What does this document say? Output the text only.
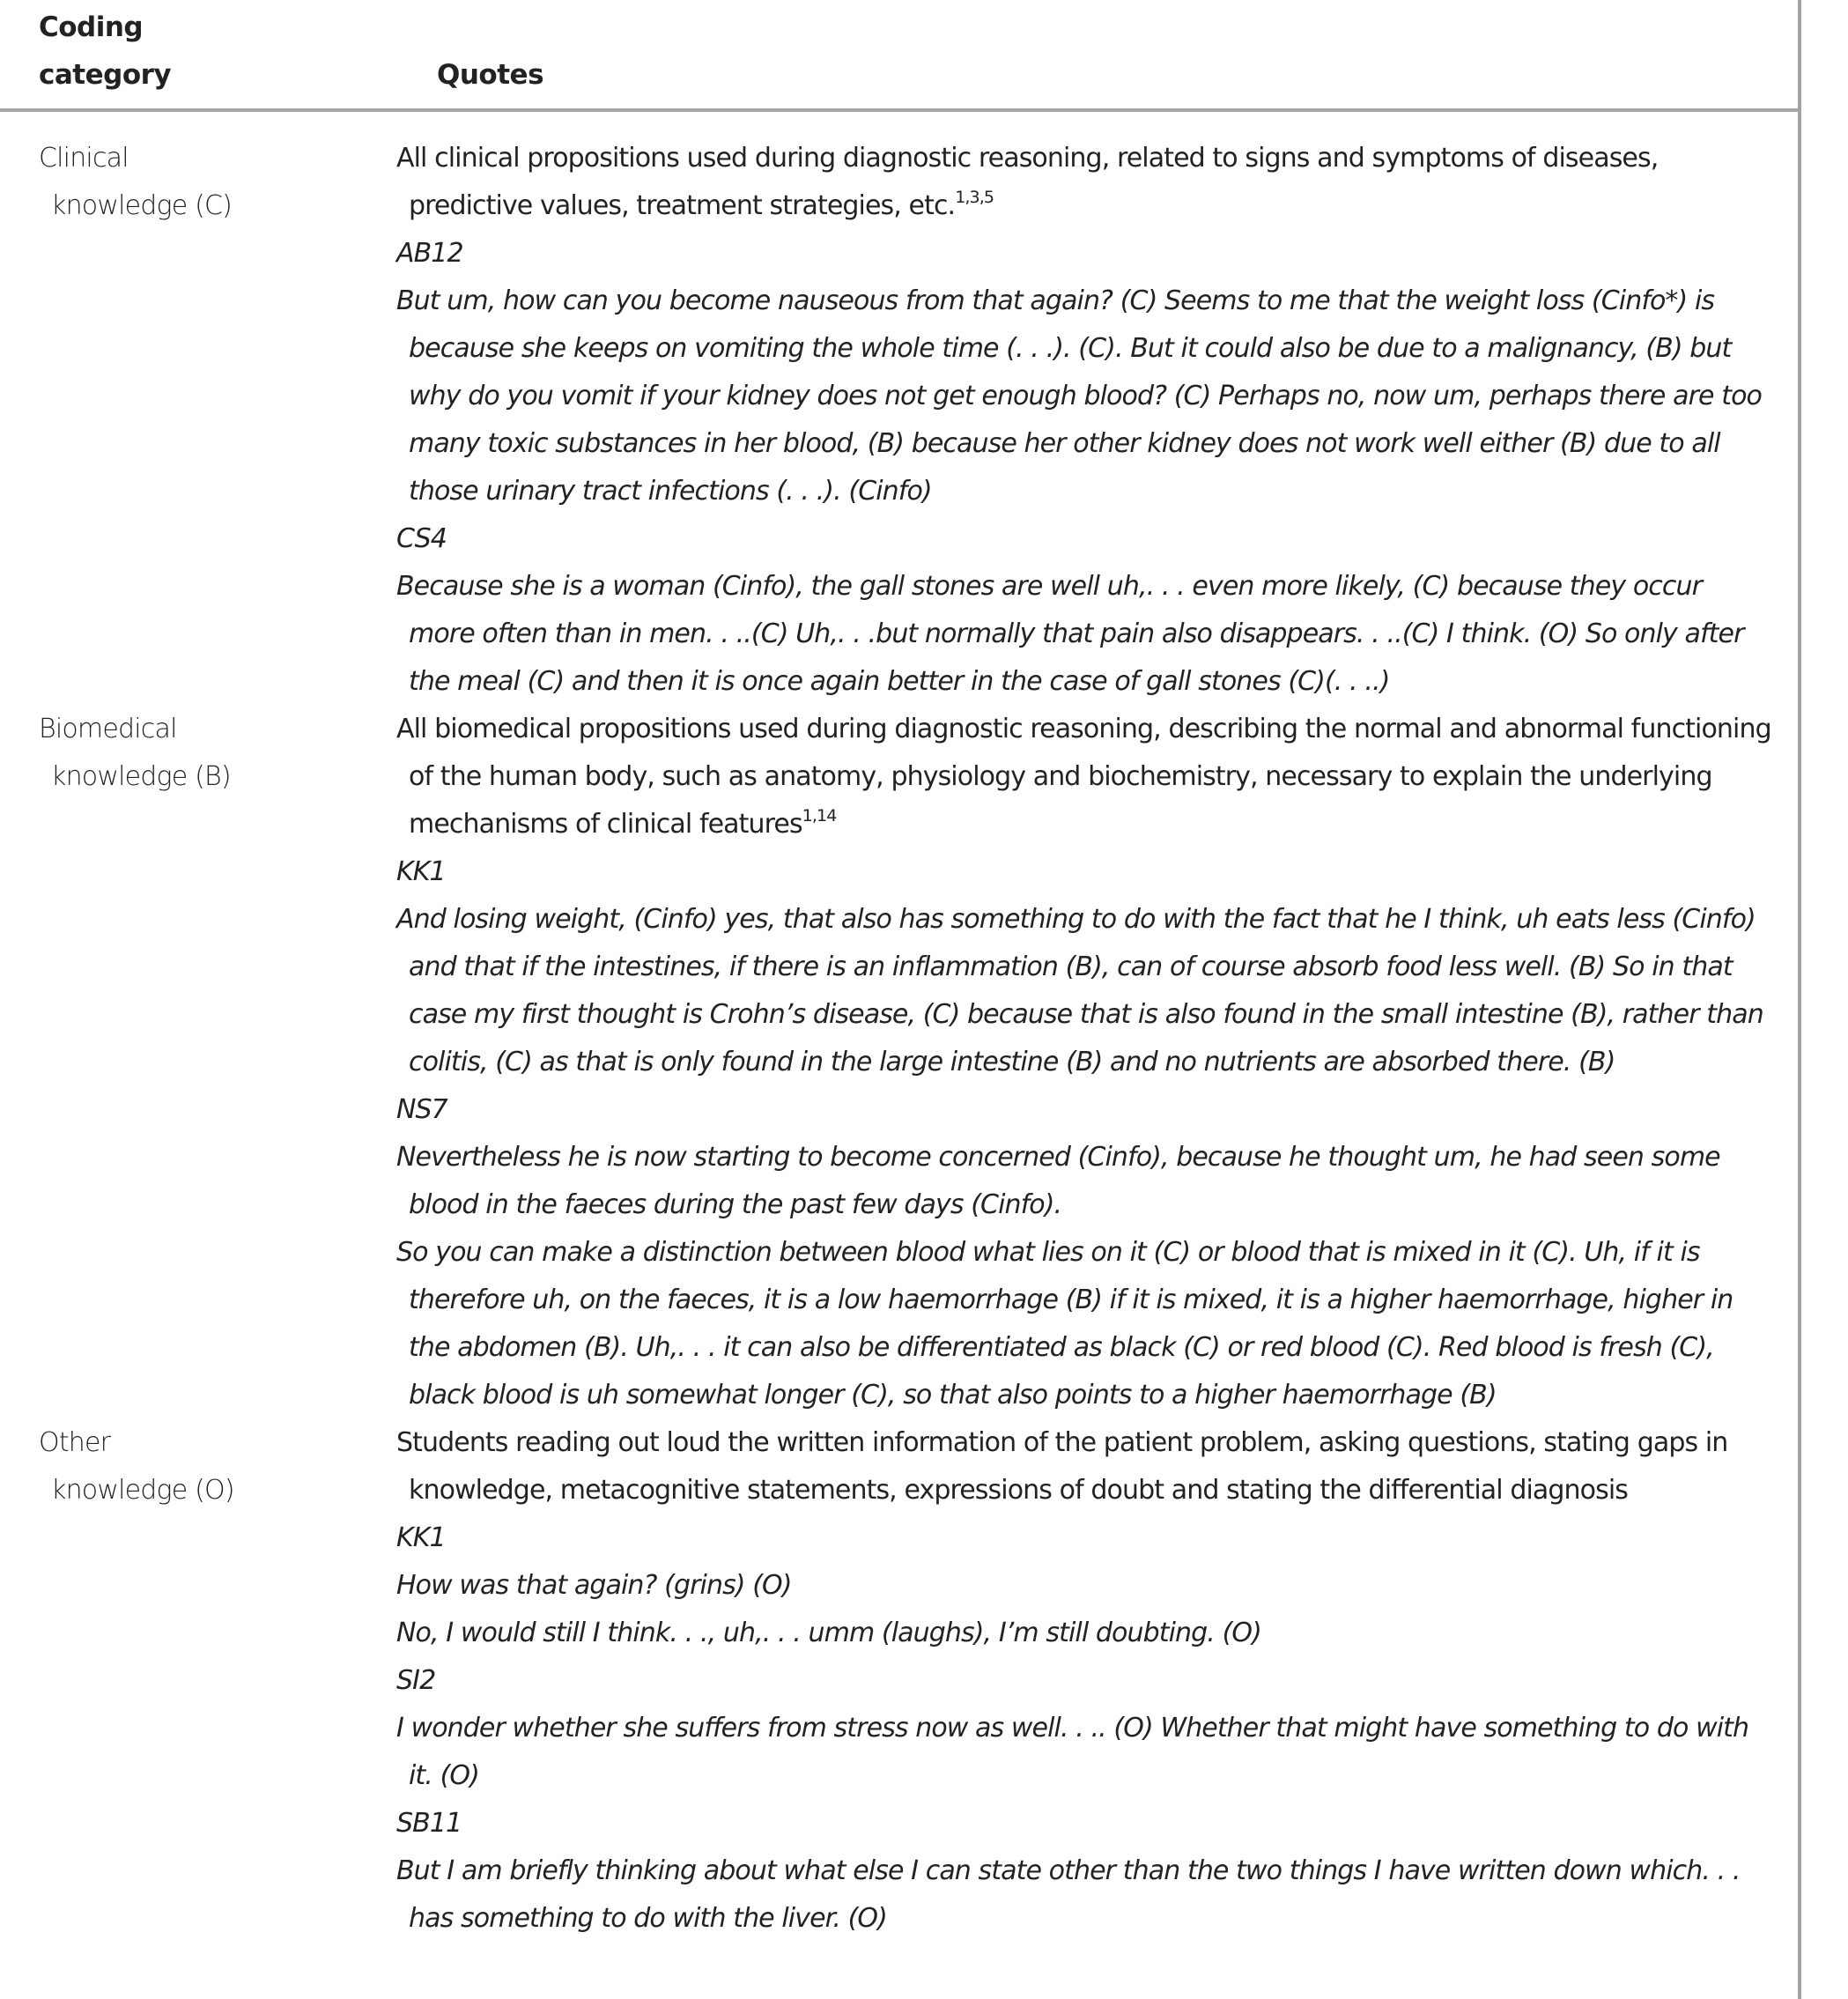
Coding
category	Quotes
Clinical
knowledge (C)

All clinical propositions used during diagnostic reasoning, related to signs and symptoms of diseases, predictive values, treatment strategies, etc.$^{1,3,5}$

AB12

But um, how can you become nauseous from that again? (C) Seems to me that the weight loss (Cinfo*) is because she keeps on vomiting the whole time (. . .). (C). But it could also be due to a malignancy, (B) but why do you vomit if your kidney does not get enough blood? (C) Perhaps no, now um, perhaps there are too many toxic substances in her blood, (B) because her other kidney does not work well either (B) due to all those urinary tract infections (. . .). (Cinfo)

CS4

Because she is a woman (Cinfo), the gall stones are well uh,. . . even more likely, (C) because they occur more often than in men. . ..(C) Uh,. . .but normally that pain also disappears. . ..(C) I think. (O) So only after the meal (C) and then it is once again better in the case of gall stones (C)(. . ..)

Biomedical
knowledge (B)

All biomedical propositions used during diagnostic reasoning, describing the normal and abnormal functioning of the human body, such as anatomy, physiology and biochemistry, necessary to explain the underlying mechanisms of clinical features$^{1,14}$

KK1

And losing weight, (Cinfo) yes, that also has something to do with the fact that he I think, uh eats less (Cinfo) and that if the intestines, if there is an inflammation (B), can of course absorb food less well. (B) So in that case my first thought is Crohn’s disease, (C) because that is also found in the small intestine (B), rather than colitis, (C) as that is only found in the large intestine (B) and no nutrients are absorbed there. (B)

NS7

Nevertheless he is now starting to become concerned (Cinfo), because he thought um, he had seen some blood in the faeces during the past few days (Cinfo).

So you can make a distinction between blood what lies on it (C) or blood that is mixed in it (C). Uh, if it is therefore uh, on the faeces, it is a low haemorrhage (B) if it is mixed, it is a higher haemorrhage, higher in the abdomen (B). Uh,. . . it can also be differentiated as black (C) or red blood (C). Red blood is fresh (C), black blood is uh somewhat longer (C), so that also points to a higher haemorrhage (B)

Other
knowledge (O)

Students reading out loud the written information of the patient problem, asking questions, stating gaps in knowledge, metacognitive statements, expressions of doubt and stating the differential diagnosis

KK1

How was that again? (grins) (O)

No, I would still I think. . ., uh,. . . umm (laughs), I’m still doubting. (O)

SI2

I wonder whether she suffers from stress now as well. . .. (O) Whether that might have something to do with it. (O)

SB11

But I am briefly thinking about what else I can state other than the two things I have written down which. . . has something to do with the liver. (O)
